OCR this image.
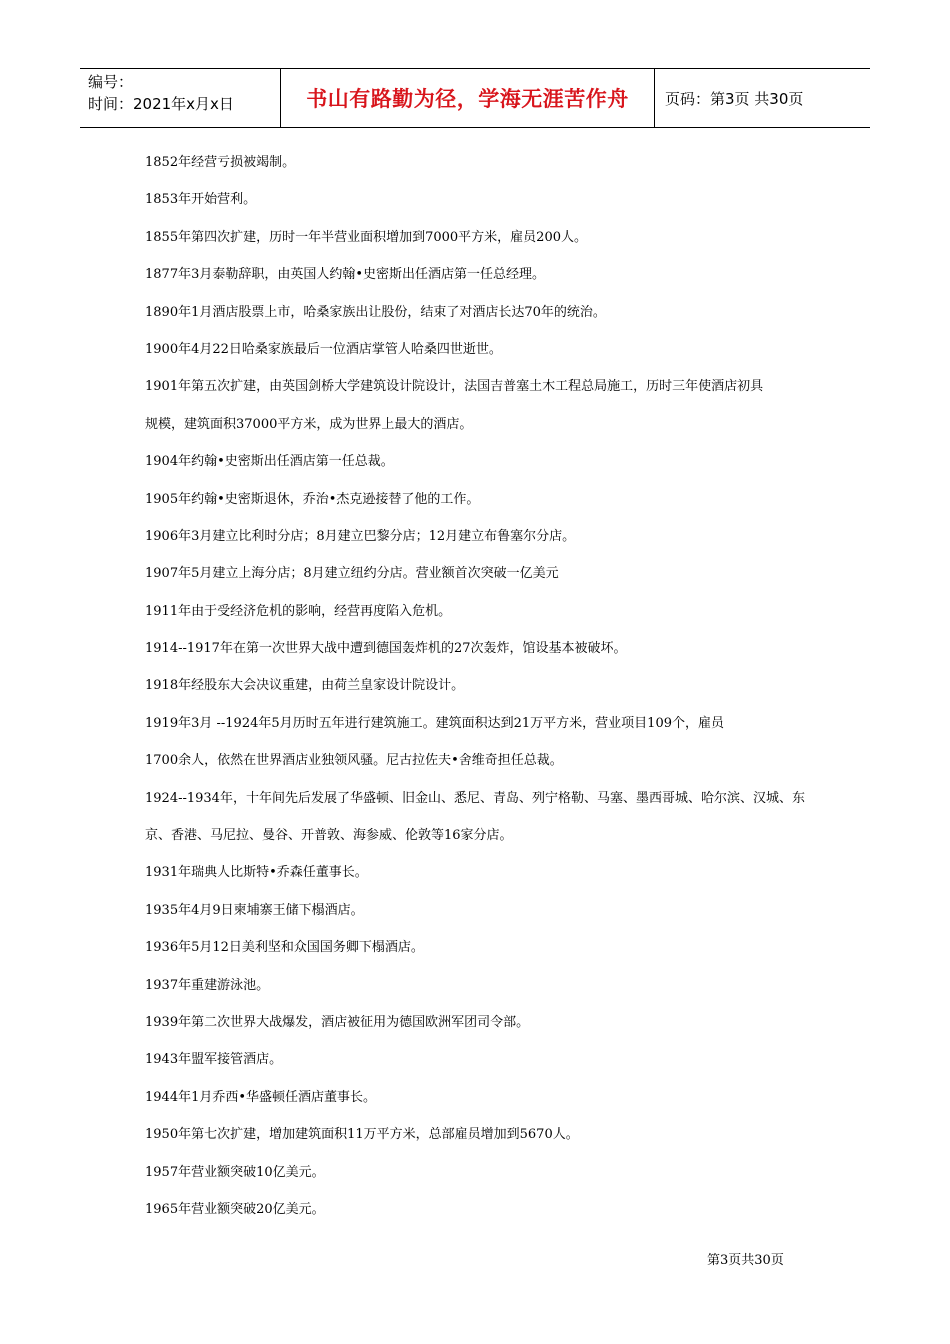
编号：
时间：2021年x月x日	书山有路勤为径，学海无涯苦作舟	页码：第3页 共30页
1852年经营亏损被竭制。
1853年开始营利。
1855年第四次扩建，历时一年半营业面积增加到7000平方米，雇员200人。
1877年3月泰勒辞职，由英国人约翰•史密斯出任酒店第一任总经理。
1890年1月酒店股票上市，哈桑家族出让股份，结束了对酒店长达70年的统治。
1900年4月22日哈桑家族最后一位酒店掌管人哈桑四世逝世。
1901年第五次扩建，由英国剑桥大学建筑设计院设计，法国吉普塞土木工程总局施工，历时三年使酒店初具
规模，建筑面积37000平方米，成为世界上最大的酒店。
1904年约翰•史密斯出任酒店第一任总裁。
1905年约翰•史密斯退休，乔治•杰克逊接替了他的工作。
1906年3月建立比利时分店；8月建立巴黎分店；12月建立布鲁塞尔分店。
1907年5月建立上海分店；8月建立纽约分店。营业额首次突破一亿美元
1911年由于受经济危机的影响，经营再度陷入危机。
1914--1917年在第一次世界大战中遭到德国轰炸机的27次轰炸，馆设基本被破坏。
1918年经股东大会决议重建，由荷兰皇家设计院设计。
1919年3月 --1924年5月历时五年进行建筑施工。建筑面积达到21万平方米，营业项目109个，雇员
1700余人，依然在世界酒店业独领风骚。尼古拉佐夫•舍维奇担任总裁。
1924--1934年，十年间先后发展了华盛顿、旧金山、悉尼、青岛、列宁格勒、马塞、墨西哥城、哈尔滨、汉城、东
京、香港、马尼拉、曼谷、开普敦、海参威、伦敦等16家分店。
1931年瑞典人比斯特•乔森任董事长。
1935年4月9日柬埔寨王储下榻酒店。
1936年5月12日美利坚和众国国务卿下榻酒店。
1937年重建游泳池。
1939年第二次世界大战爆发，酒店被征用为德国欧洲军团司令部。
1943年盟军接管酒店。
1944年1月乔西•华盛顿任酒店董事长。
1950年第七次扩建，增加建筑面积11万平方米，总部雇员增加到5670人。
1957年营业额突破10亿美元。
1965年营业额突破20亿美元。
第3页共30页
